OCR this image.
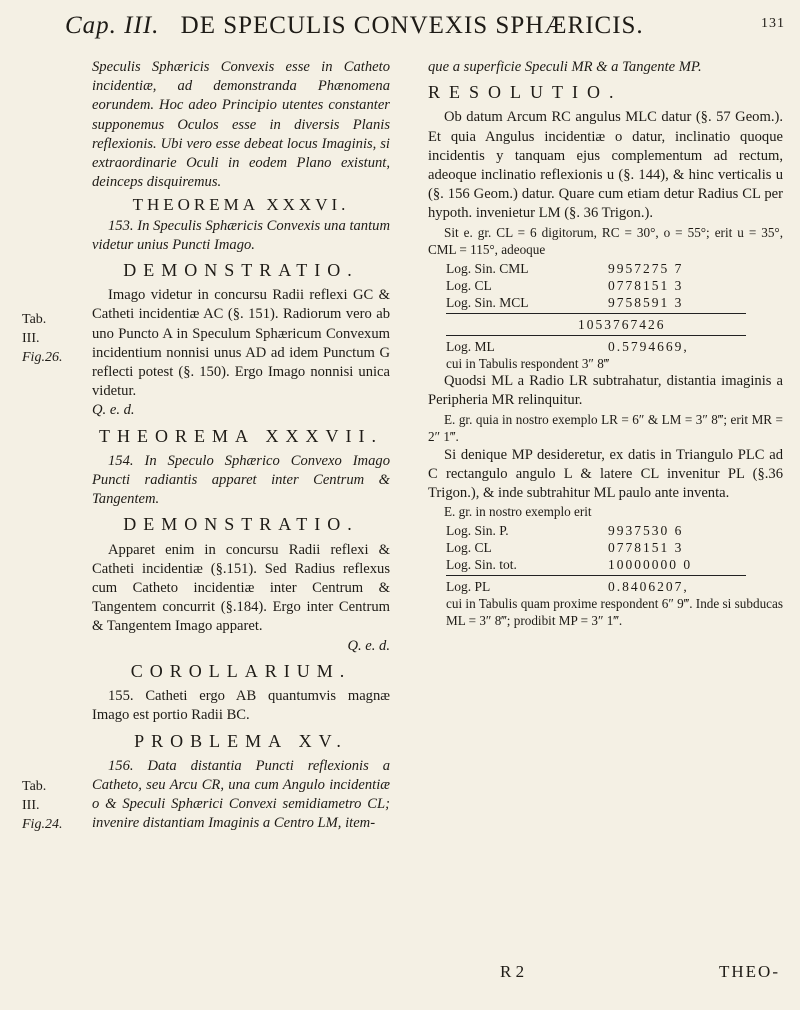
Cap. III. DE SPECULIS CONVEXIS SPHÆRICIS.	131
Tab.
III.
Fig.26.
Tab.
III.
Fig.24.

Speculis Sphæricis Convexis esse in Catheto incidentiæ, ad demonstranda Phænomena eorundem. Hoc adeo Principio utentes constanter supponemus Oculos esse in diversis Planis reflexionis. Ubi vero esse debeat locus Imaginis, si extraordinarie Oculi in eodem Plano existunt, deinceps disquiremus.

THEOREMA XXXVI.

153. In Speculis Sphæricis Convexis una tantum videtur unius Puncti Imago.

DEMONSTRATIO.

Imago videtur in concursu Radii reflexi GC & Catheti incidentiæ AC (§. 151). Radiorum vero ab uno Puncto A in Speculum Sphæricum Convexum incidentium nonnisi unus AD ad idem Punctum G reflecti potest (§. 150). Ergo Imago nonnisi unica videtur.

Q. e. d.

THEOREMA XXXVII.

154. In Speculo Sphærico Convexo Imago Puncti radiantis apparet inter Centrum & Tangentem.

DEMONSTRATIO.

Apparet enim in concursu Radii reflexi & Catheti incidentiæ (§.151). Sed Radius reflexus cum Catheto incidentiæ inter Centrum & Tangentem concurrit (§.184). Ergo inter Centrum & Tangentem Imago apparet.

Q. e. d.

COROLLARIUM.

155. Catheti ergo AB quantumvis magnæ Imago est portio Radii BC.

PROBLEMA XV.

156. Data distantia Puncti reflexionis a Catheto, seu Arcu CR, una cum Angulo incidentiæ o & Speculi Sphærici Convexi semidiametro CL; invenire distantiam Imaginis a Centro LM, item-

que a superficie Speculi MR & a Tangente MP.

RESOLUTIO.

Ob datum Arcum RC angulus MLC datur (§. 57 Geom.). Et quia Angulus incidentiæ o datur, inclinatio quoque incidentis y tanquam ejus complementum ad rectum, adeoque inclinatio reflexionis u (§. 144), & hinc verticalis u (§. 156 Geom.) datur. Quare cum etiam detur Radius CL per hypoth. invenietur LM (§. 36 Trigon.).

Sit e. gr. CL = 6 digitorum, RC = 30°, o = 55°; erit u = 35°, CML = 115°, adeoque

Log. Sin. CML	9957275 7
Log. CL	0778151 3
Log. Sin. MCL	9758591 3
1053767426
Log. ML	0.5794669,

cui in Tabulis respondent 3″ 8‴

Quodsi ML a Radio LR subtrahatur, distantia imaginis a Peripheria MR relinquitur.

E. gr. quia in nostro exemplo LR = 6″ & LM = 3″ 8‴; erit MR = 2″ 1‴.

Si denique MP desideretur, ex datis in Triangulo PLC ad C rectangulo angulo L & latere CL invenitur PL (§.36 Trigon.), & inde subtrahitur ML paulo ante inventa.

E. gr. in nostro exemplo erit

Log. Sin. P.	9937530 6
Log. CL	0778151 3
Log. Sin. tot.	10000000 0
Log. PL	0.8406207,

cui in Tabulis quam proxime respondent 6″ 9‴. Inde si subducas ML = 3″ 8‴; prodibit MP = 3″ 1‴.

R 2	THEO-
